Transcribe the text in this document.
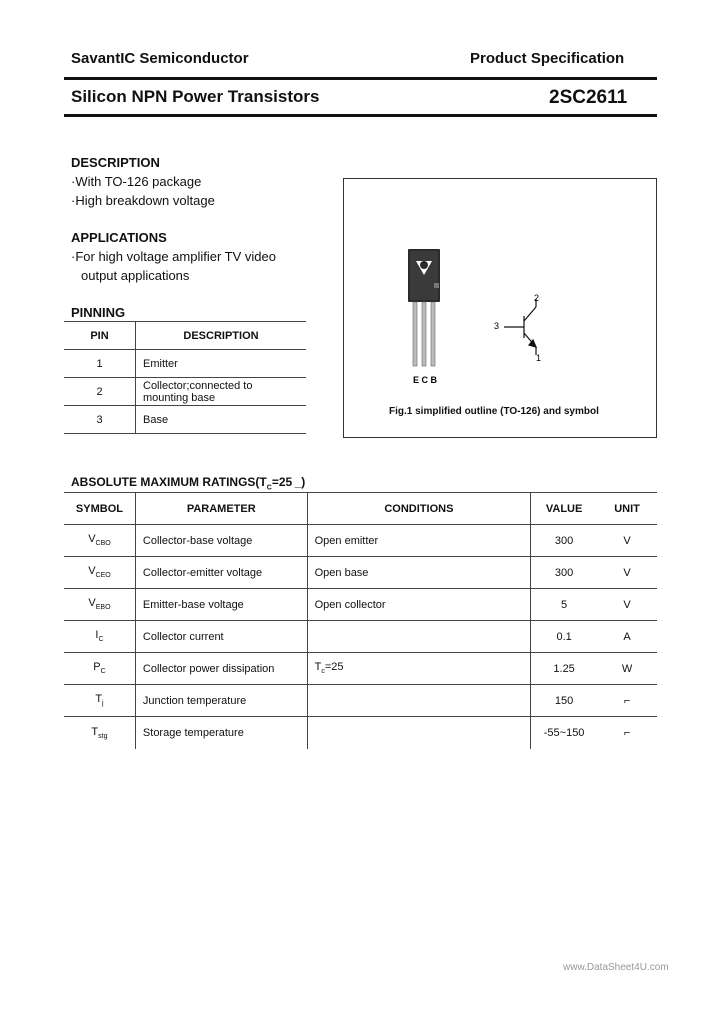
SavantIC Semiconductor	Product Specification
Silicon NPN Power Transistors	2SC2611
DESCRIPTION
·With TO-126 package
·High breakdown voltage
APPLICATIONS
·For high voltage amplifier TV video
output applications
PINNING
PIN	DESCRIPTION
1	Emitter
2	Collector;connected to
mounting base

3	Base
E C B
2
3
1
Fig.1 simplified outline (TO-126) and symbol
ABSOLUTE MAXIMUM $RATINGS(T_C=25$ _)
SYMBOL	PARAMETER	CONDITIONS	VALUE	UNIT
$V_{CBO}$	Collector-base voltage	Open emitter	300	V
$V_{CEO}$	Collector-emitter voltage	Open base	300	V
$V_{EBO}$	Emitter-base voltage	Open collector	5	V
$I_C$	Collector current		0.1	A
$P_C$	Collector power dissipation	$T_c=25$	1.25	W
$T_j$	Junction temperature		150	⌐
$T_{stg}$	Storage temperature		-55~150	⌐
www.DataSheet4U.com
